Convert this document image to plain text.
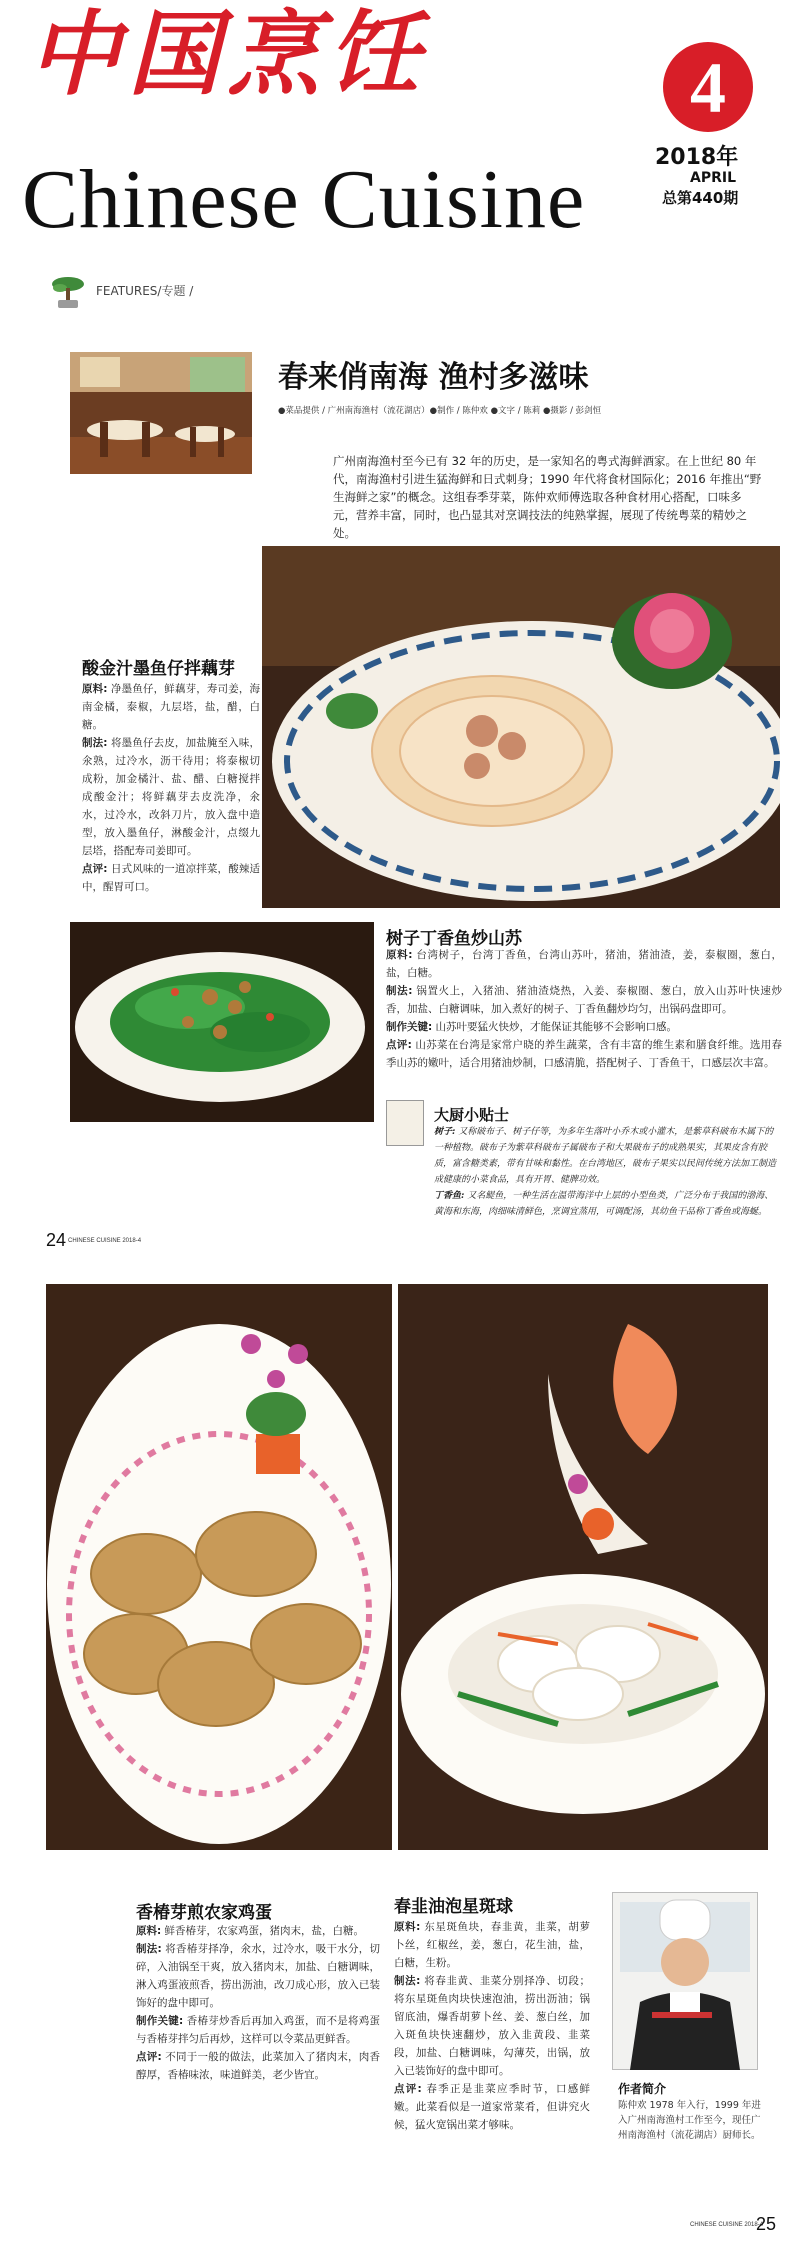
中国烹饪
Chinese Cuisine
4
2018年
APRIL
总第440期
FEATURES/专题 /
春来俏南海 渔村多滋味
●菜品提供 / 广州南海渔村（流花湖店）●制作 / 陈仲欢 ●文字 / 陈莉 ●摄影 / 彭剑恒
广州南海渔村至今已有 32 年的历史，是一家知名的粤式海鲜酒家。在上世纪 80 年代，南海渔村引进生猛海鲜和日式刺身；1990 年代将食材国际化；2016 年推出“野生海鲜之家”的概念。这组春季芽菜，陈仲欢师傅选取各种食材用心搭配，口味多元，营养丰富，同时，也凸显其对烹调技法的纯熟掌握，展现了传统粤菜的精妙之处。
酸金汁墨鱼仔拌藕芽
原料: 净墨鱼仔，鲜藕芽，寿司姜，海南金橘，泰椒，九层塔，盐，醋，白糖。
制法: 将墨鱼仔去皮，加盐腌至入味，氽熟，过冷水，沥干待用；将泰椒切成粉，加金橘汁、盐、醋、白糖搅拌成酸金汁；将鲜藕芽去皮洗净，氽水，过冷水，改斜刀片，放入盘中造型，放入墨鱼仔，淋酸金汁，点缀九层塔，搭配寿司姜即可。
点评: 日式风味的一道凉拌菜，酸辣适中，醒胃可口。
树子丁香鱼炒山苏
原料: 台湾树子，台湾丁香鱼，台湾山苏叶，猪油，猪油渣，姜，泰椒圈，葱白，盐，白糖。
制法: 锅置火上，入猪油、猪油渣烧热，入姜、泰椒圈、葱白，放入山苏叶快速炒香，加盐、白糖调味，加入煮好的树子、丁香鱼翻炒均匀，出锅码盘即可。
制作关键: 山苏叶要猛火快炒，才能保证其能够不会影响口感。
点评: 山苏菜在台湾是家常户晓的养生蔬菜，含有丰富的维生素和膳食纤维。选用春季山苏的嫩叶，适合用猪油炒制，口感清脆，搭配树子、丁香鱼干，口感层次丰富。
大厨小贴士
树子: 又称破布子、树子仔等，为多年生落叶小乔木或小灌木，是紫草科破布木属下的一种植物。破布子为紫草科破布子属破布子和大果破布子的成熟果实，其果皮含有胶质，富含糖类素，带有甘味和黏性。在台湾地区，破布子果实以民间传统方法加工制造成健康的小菜食品，具有开胃、健脾功效。
丁香鱼: 又名鳀鱼，一种生活在温带海洋中上层的小型鱼类，广泛分布于我国的渤海、黄海和东海，肉细味清鲜色，烹调宜蒸用，可调配汤，其幼鱼干品称丁香鱼或海蜒。
24 CHINESE CUISINE 2018-4
香椿芽煎农家鸡蛋
原料: 鲜香椿芽，农家鸡蛋，猪肉末，盐，白糖。
制法: 将香椿芽择净，氽水，过冷水，吸干水分，切碎，入油锅至干爽，放入猪肉末，加盐、白糖调味，淋入鸡蛋液煎香，捞出沥油，改刀成心形，放入已装饰好的盘中即可。
制作关键: 香椿芽炒香后再加入鸡蛋，而不是将鸡蛋与香椿芽拌匀后再炒，这样可以令菜品更鲜香。
点评: 不同于一般的做法，此菜加入了猪肉末，肉香醇厚，香椿味浓，味道鲜美，老少皆宜。
春韭油泡星斑球
原料: 东星斑鱼块，春韭黄，韭菜，胡萝卜丝，红椒丝，姜，葱白，花生油，盐，白糖，生粉。
制法: 将春韭黄、韭菜分别择净、切段；将东星斑鱼肉块快速泡油，捞出沥油；锅留底油，爆香胡萝卜丝、姜、葱白丝，加入斑鱼块快速翻炒，放入韭黄段、韭菜段，加盐、白糖调味，勾薄芡，出锅，放入已装饰好的盘中即可。
点评: 春季正是韭菜应季时节，口感鲜嫩。此菜看似是一道家常菜肴，但讲究火候，猛火宽锅出菜才够味。
作者简介
陈仲欢 1978 年入行，1999 年进入广州南海渔村工作至今，现任广州南海渔村（流花湖店）厨师长。
CHINESE CUISINE 2018-4
25
